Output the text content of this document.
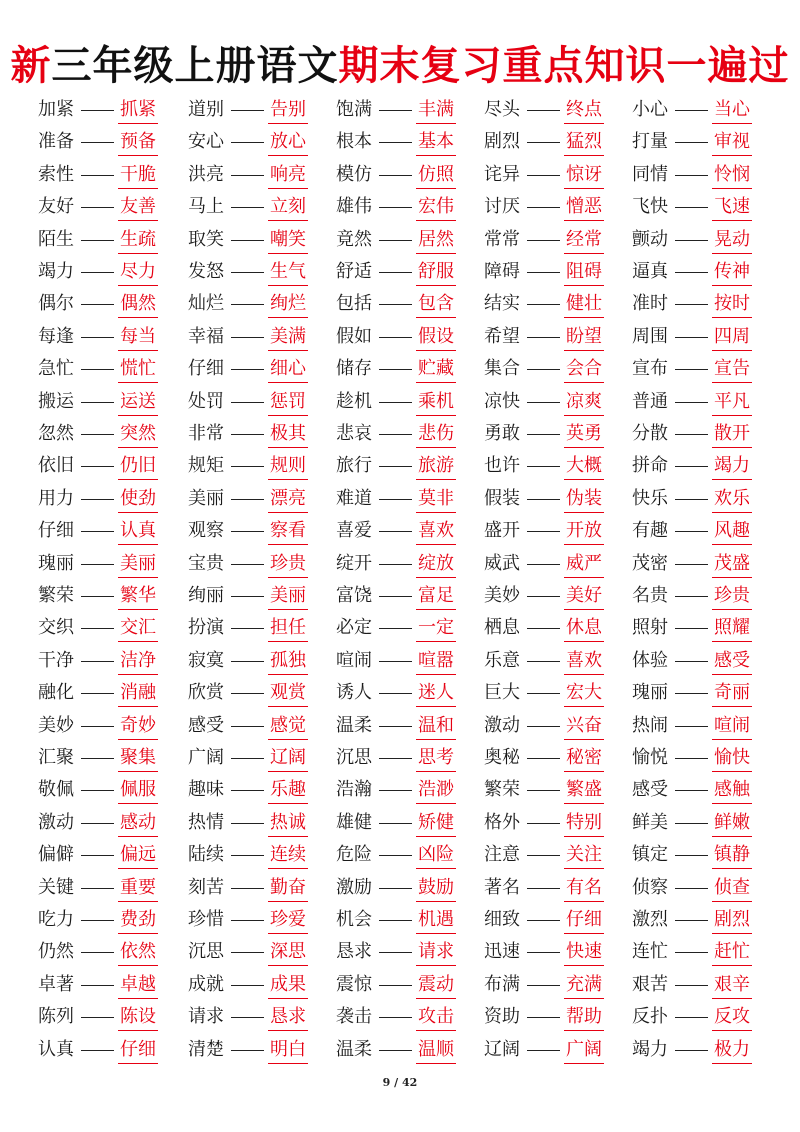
新三年级上册语文期末复习重点知识一遍过
加紧	抓紧 道别	告别 饱满	丰满 尽头	终点 小心	当心
准备	预备 安心	放心 根本	基本 剧烈	猛烈 打量	审视
索性	干脆 洪亮	响亮 模仿	仿照 诧异	惊讶 同情	怜悯
友好	友善 马上	立刻 雄伟	宏伟 讨厌	憎恶 飞快	飞速
陌生	生疏 取笑	嘲笑 竟然	居然 常常	经常 颤动	晃动
竭力	尽力 发怒	生气 舒适	舒服 障碍	阻碍 逼真	传神
偶尔	偶然 灿烂	绚烂 包括	包含 结实	健壮 准时	按时
每逢	每当 幸福	美满 假如	假设 希望	盼望 周围	四周
急忙	慌忙 仔细	细心 储存	贮藏 集合	会合 宣布	宣告
搬运	运送 处罚	惩罚 趁机	乘机 凉快	凉爽 普通	平凡
忽然	突然 非常	极其 悲哀	悲伤 勇敢	英勇 分散	散开
依旧	仍旧 规矩	规则 旅行	旅游 也许	大概 拼命	竭力
用力	使劲 美丽	漂亮 难道	莫非 假装	伪装 快乐	欢乐
仔细	认真 观察	察看 喜爱	喜欢 盛开	开放 有趣	风趣
瑰丽	美丽 宝贵	珍贵 绽开	绽放 威武	威严 茂密	茂盛
繁荣	繁华 绚丽	美丽 富饶	富足 美妙	美好 名贵	珍贵
交织	交汇 扮演	担任 必定	一定 栖息	休息 照射	照耀
干净	洁净 寂寞	孤独 喧闹	喧嚣 乐意	喜欢 体验	感受
融化	消融 欣赏	观赏 诱人	迷人 巨大	宏大 瑰丽	奇丽
美妙	奇妙 感受	感觉 温柔	温和 激动	兴奋 热闹	喧闹
汇聚	聚集 广阔	辽阔 沉思	思考 奥秘	秘密 愉悦	愉快
敬佩	佩服 趣味	乐趣 浩瀚	浩渺 繁荣	繁盛 感受	感触
激动	感动 热情	热诚 雄健	矫健 格外	特别 鲜美	鲜嫩
偏僻	偏远 陆续	连续 危险	凶险 注意	关注 镇定	镇静
关键	重要 刻苦	勤奋 激励	鼓励 著名	有名 侦察	侦查
吃力	费劲 珍惜	珍爱 机会	机遇 细致	仔细 激烈	剧烈
仍然	依然 沉思	深思 恳求	请求 迅速	快速 连忙	赶忙
卓著	卓越 成就	成果 震惊	震动 布满	充满 艰苦	艰辛
陈列	陈设 请求	恳求 袭击	攻击 资助	帮助 反扑	反攻
认真	仔细 清楚	明白 温柔	温顺 辽阔	广阔 竭力	极力
9 / 42
